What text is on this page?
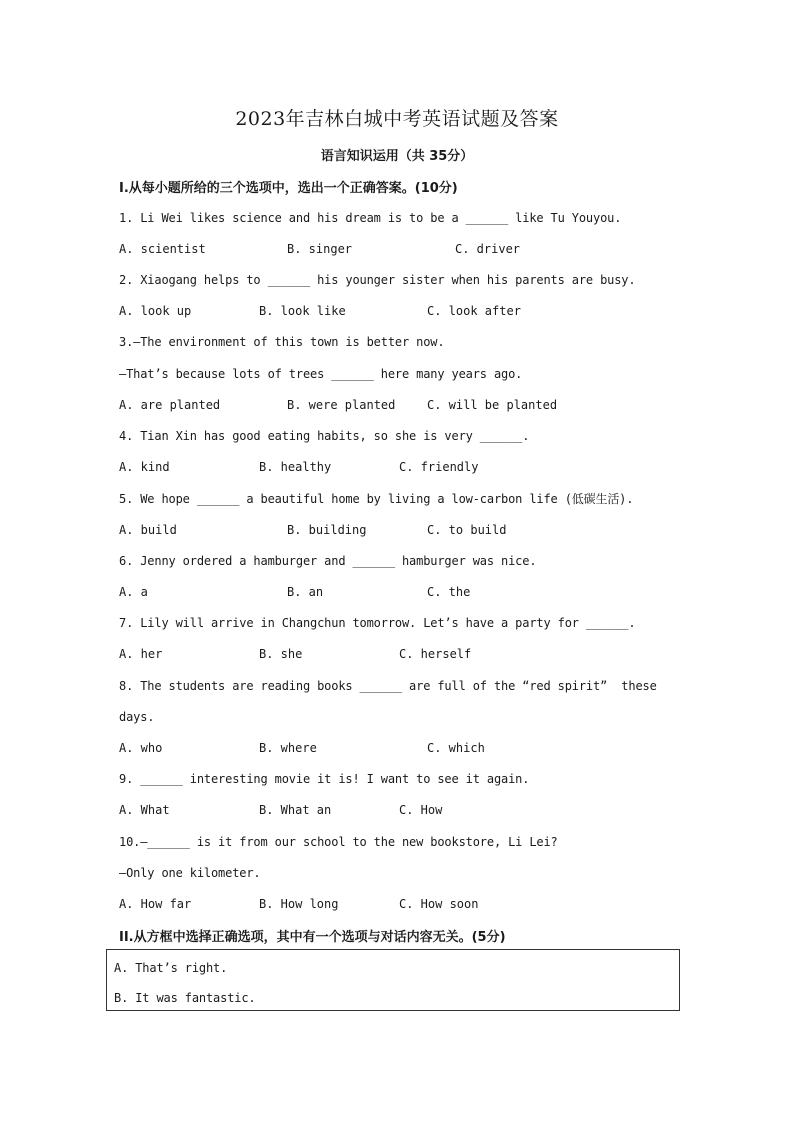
2023年吉林白城中考英语试题及答案
语言知识运用（共 35分）
I.从每小题所给的三个选项中，选出一个正确答案。(10分)
1. Li Wei likes science and his dream is to be a ______ like Tu Youyou.
A. scientist	B. singer	C. driver
2. Xiaogang helps to ______ his younger sister when his parents are busy.
A. look up	B. look like	C. look after
3.—The environment of this town is better now.
—That’s because lots of trees ______ here many years ago.
A. are planted	B. were planted	C. will be planted
4. Tian Xin has good eating habits, so she is very ______.
A. kind	B. healthy	C. friendly
5. We hope ______ a beautiful home by living a low-carbon life (低碳生活).
A. build	B. building	C. to build
6. Jenny ordered a hamburger and ______ hamburger was nice.
A. a	B. an	C. the
7. Lily will arrive in Changchun tomorrow. Let’s have a party for ______.
A. her	B. she	C. herself
8. The students are reading books ______ are full of the “red spirit”  these
days.
A. who	B. where	C. which
9. ______ interesting movie it is! I want to see it again.
A. What	B. What an	C. How
10.—______ is it from our school to the new bookstore, Li Lei?
—Only one kilometer.
A. How far	B. How long	C. How soon
II.从方框中选择正确选项，其中有一个选项与对话内容无关。(5分)
A. That’s right.
B. It was fantastic.
